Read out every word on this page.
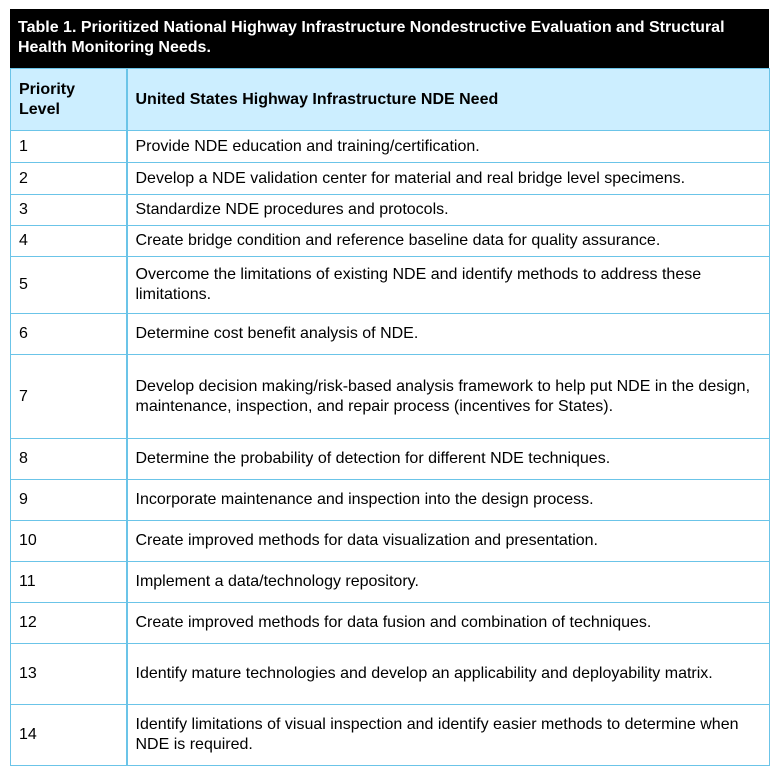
Table 1. Prioritized National Highway Infrastructure Nondestructive Evaluation and Structural Health Monitoring Needs.
Priority Level	United States Highway Infrastructure NDE Need
1	Provide NDE education and training/certification.
2	Develop a NDE validation center for material and real bridge level specimens.
3	Standardize NDE procedures and protocols.
4	Create bridge condition and reference baseline data for quality assurance.
5	Overcome the limitations of existing NDE and identify methods to address these limitations.
6	Determine cost benefit analysis of NDE.
7	Develop decision making/risk-based analysis framework to help put NDE in the design, maintenance, inspection, and repair process (incentives for States).
8	Determine the probability of detection for different NDE techniques.
9	Incorporate maintenance and inspection into the design process.
10	Create improved methods for data visualization and presentation.
11	Implement a data/technology repository.
12	Create improved methods for data fusion and combination of techniques.
13	Identify mature technologies and develop an applicability and deployability matrix.
14	Identify limitations of visual inspection and identify easier methods to determine when NDE is required.
